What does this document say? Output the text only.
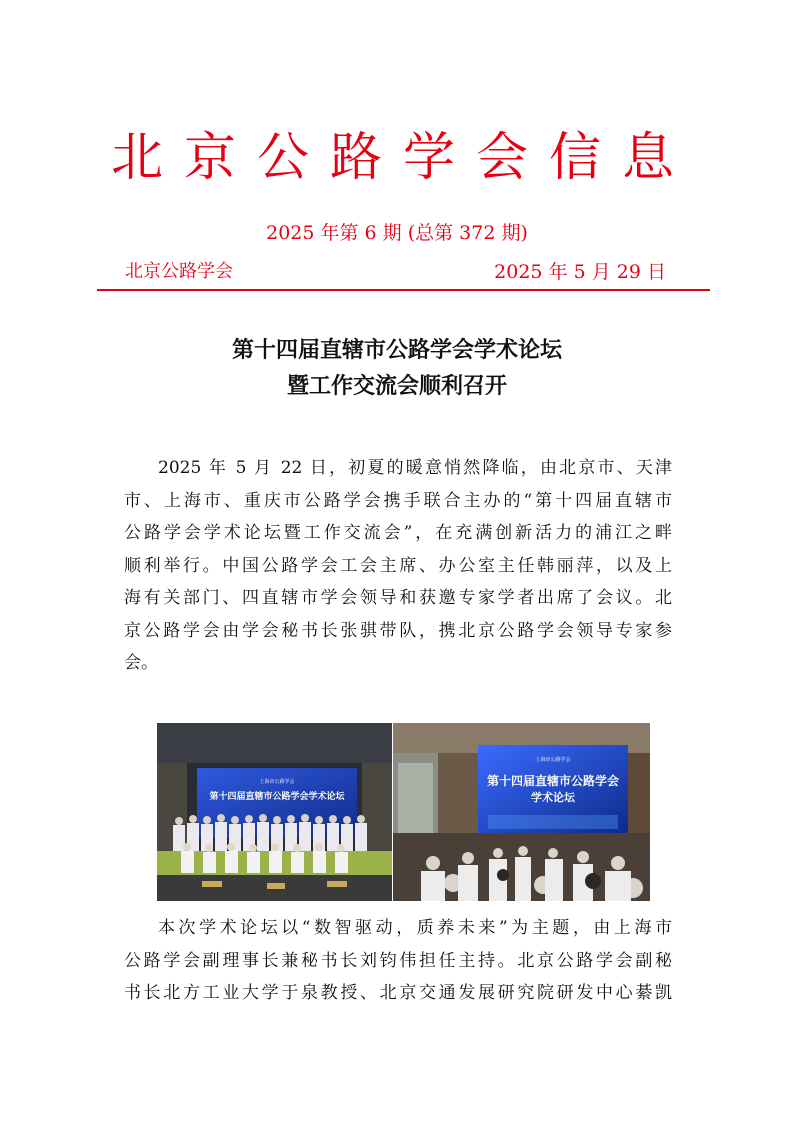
北京公路学会信息
2025 年第 6 期 (总第 372 期)
北京公路学会	2025 年 5 月 29 日
第十四届直辖市公路学会学术论坛
暨工作交流会顺利召开
2025 年 5 月 22 日，初夏的暖意悄然降临，由北京市、天津
市、上海市、重庆市公路学会携手联合主办的“第十四届直辖市
公路学会学术论坛暨工作交流会”，在充满创新活力的浦江之畔
顺利举行。中国公路学会工会主席、办公室主任韩丽萍，以及上
海有关部门、四直辖市学会领导和获邀专家学者出席了会议。北
京公路学会由学会秘书长张骐带队，携北京公路学会领导专家参
会。
上海市公路学会
第十四届直辖市公路学会学术论坛
上海市公路学会
第十四届直辖市公路学会
学术论坛
本次学术论坛以“数智驱动，质养未来”为主题，由上海市
公路学会副理事长兼秘书长刘钧伟担任主持。北京公路学会副秘
书长北方工业大学于泉教授、北京交通发展研究院研发中心綦凯
